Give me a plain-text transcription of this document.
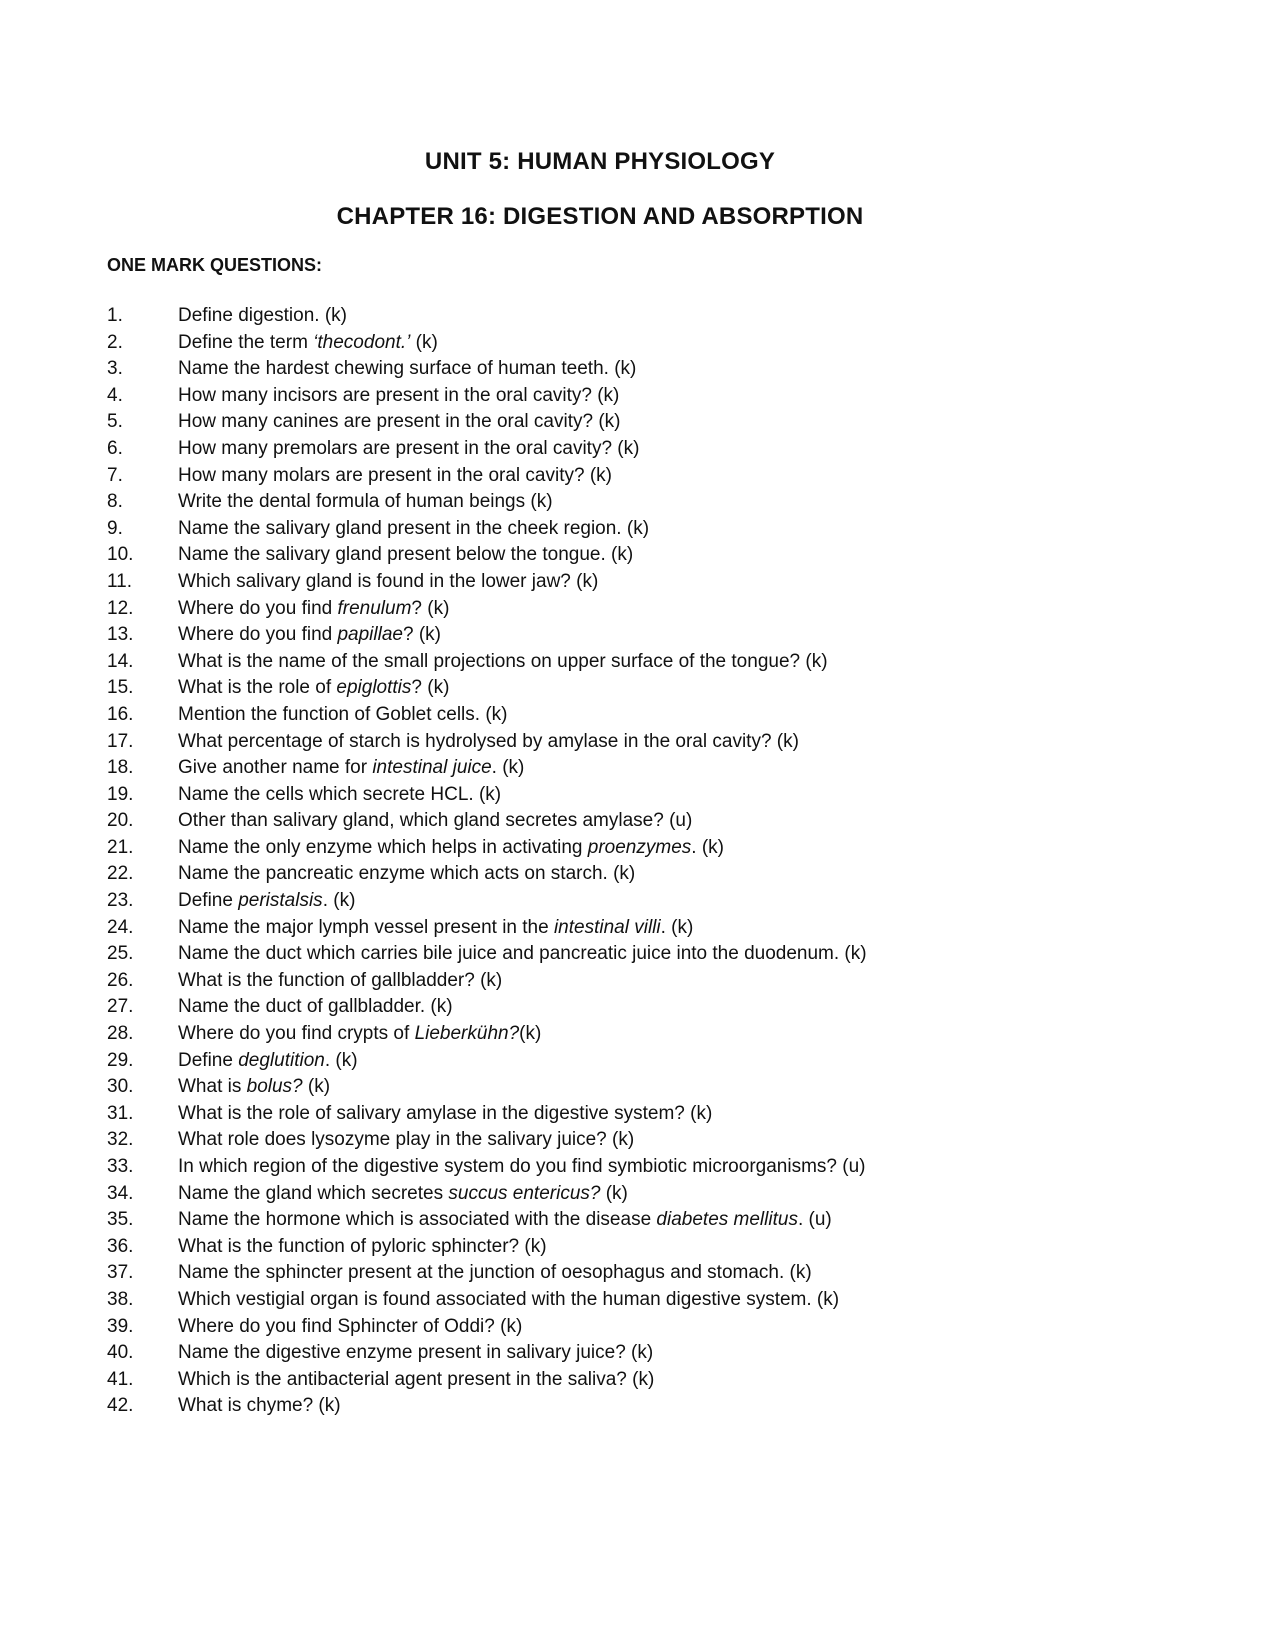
UNIT 5: HUMAN PHYSIOLOGY
CHAPTER 16: DIGESTION AND ABSORPTION
ONE MARK QUESTIONS:
1.	Define digestion. (k)
2.	Define the term ‘thecodont.’ (k)
3.	Name the hardest chewing surface of human teeth. (k)
4.	How many incisors are present in the oral cavity? (k)
5.	How many canines are present in the oral cavity? (k)
6.	How many premolars are present in the oral cavity? (k)
7.	How many molars are present in the oral cavity? (k)
8.	Write the dental formula of human beings (k)
9.	Name the salivary gland present in the cheek region. (k)
10. Name the salivary gland present below the tongue. (k)
11. Which salivary gland is found in the lower jaw? (k)
12. Where do you find frenulum? (k)
13. Where do you find papillae? (k)
14. What is the name of the small projections on upper surface of the tongue? (k)
15. What is the role of epiglottis? (k)
16. Mention the function of Goblet cells. (k)
17. What percentage of starch is hydrolysed by amylase in the oral cavity? (k)
18. Give another name for intestinal juice. (k)
19. Name the cells which secrete HCL. (k)
20. Other than salivary gland, which gland secretes amylase? (u)
21. Name the only enzyme which helps in activating proenzymes. (k)
22. Name the pancreatic enzyme which acts on starch. (k)
23. Define peristalsis. (k)
24. Name the major lymph vessel present in the intestinal villi. (k)
25. Name the duct which carries bile juice and pancreatic juice into the duodenum. (k)
26. What is the function of gallbladder? (k)
27. Name the duct of gallbladder. (k)
28. Where do you find crypts of Lieberkühn?(k)
29. Define deglutition. (k)
30. What is bolus? (k)
31. What is the role of salivary amylase in the digestive system? (k)
32. What role does lysozyme play in the salivary juice? (k)
33. In which region of the digestive system do you find symbiotic microorganisms? (u)
34. Name the gland which secretes succus entericus? (k)
35. Name the hormone which is associated with the disease diabetes mellitus. (u)
36. What is the function of pyloric sphincter? (k)
37. Name the sphincter present at the junction of oesophagus and stomach. (k)
38. Which vestigial organ is found associated with the human digestive system. (k)
39. Where do you find Sphincter of Oddi? (k)
40. Name the digestive enzyme present in salivary juice? (k)
41. Which is the antibacterial agent present in the saliva? (k)
42. What is chyme? (k)
